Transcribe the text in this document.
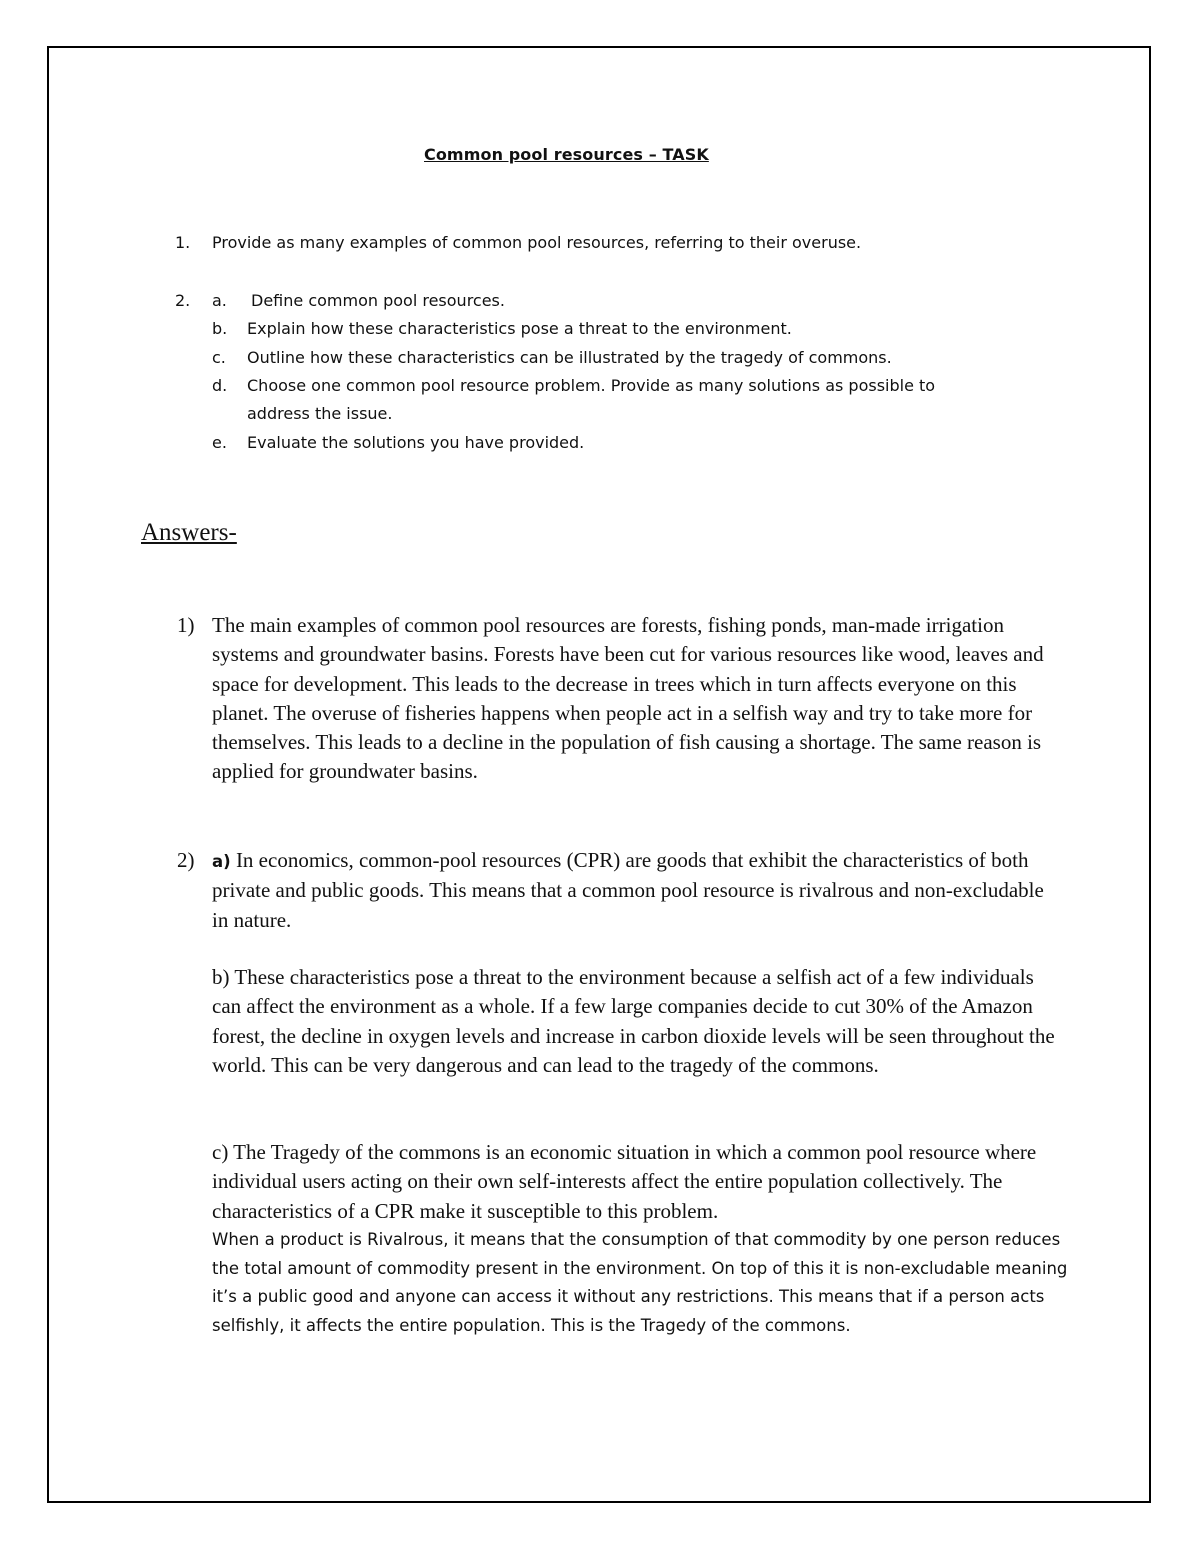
Common pool resources – TASK
1. Provide as many examples of common pool resources, referring to their overuse.
2. a. Define common pool resources.
b. Explain how these characteristics pose a threat to the environment.
c. Outline how these characteristics can be illustrated by the tragedy of commons.
d. Choose one common pool resource problem. Provide as many solutions as possible to
address the issue.
e. Evaluate the solutions you have provided.
Answers-
1) The main examples of common pool resources are forests, fishing ponds, man-made irrigation systems and groundwater basins. Forests have been cut for various resources like wood, leaves and space for development. This leads to the decrease in trees which in turn affects everyone on this planet. The overuse of fisheries happens when people act in a selfish way and try to take more for themselves. This leads to a decline in the population of fish causing a shortage. The same reason is applied for groundwater basins.
2) a) In economics, common-pool resources (CPR) are goods that exhibit the characteristics of both private and public goods. This means that a common pool resource is rivalrous and non-excludable in nature.
b) These characteristics pose a threat to the environment because a selfish act of a few individuals can affect the environment as a whole. If a few large companies decide to cut 30% of the Amazon forest, the decline in oxygen levels and increase in carbon dioxide levels will be seen throughout the world. This can be very dangerous and can lead to the tragedy of the commons.
c) The Tragedy of the commons is an economic situation in which a common pool resource where individual users acting on their own self-interests affect the entire population collectively. The characteristics of a CPR make it susceptible to this problem.
When a product is Rivalrous, it means that the consumption of that commodity by one person reduces the total amount of commodity present in the environment. On top of this it is non-excludable meaning it’s a public good and anyone can access it without any restrictions. This means that if a person acts selfishly, it affects the entire population. This is the Tragedy of the commons.
